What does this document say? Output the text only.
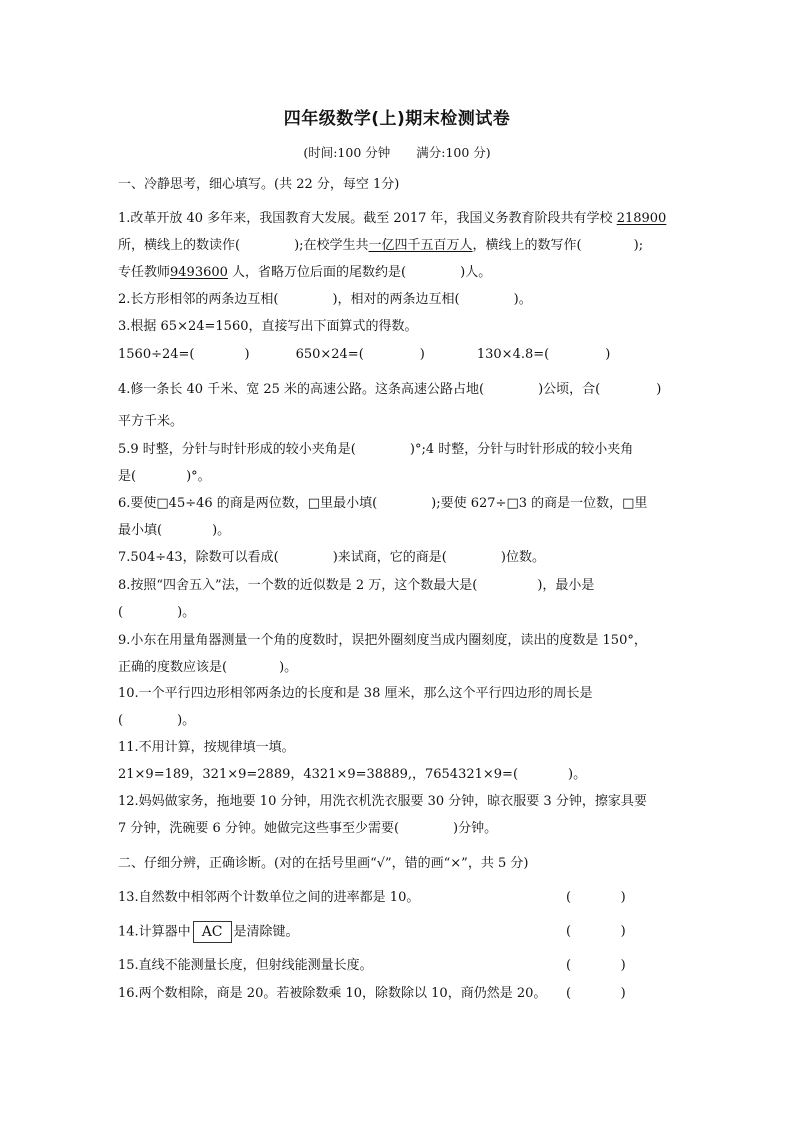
四年级数学(上)期末检测试卷
(时间:100 分钟 满分:100 分)
一、冷静思考，细心填写。(共 22 分，每空 1分)
1.改革开放 40 多年来，我国教育大发展。截至 2017 年，我国义务教育阶段共有学校 218900
所，横线上的数读作(	);在校学生共一亿四千五百万人，横线上的数写作(	);
专任教师9493600 人，省略万位后面的尾数约是(	)人。
2.长方形相邻的两条边互相(	)，相对的两条边互相(	)。
3.根据 65×24=1560，直接写出下面算式的得数。
1560÷24=(	)	650×24=(	)	130×4.8=(	)
4.修一条长 40 千米、宽 25 米的高速公路。这条高速公路占地(	)公顷，合(	)
平方千米。
5.9 时整，分针与时针形成的较小夹角是(	)°;4 时整，分针与时针形成的较小夹角
是(	)°。
6.要使□45÷46 的商是两位数，□里最小填(	);要使 627÷□3 的商是一位数，□里
最小填(	)。
7.504÷43，除数可以看成(	)来试商，它的商是(	)位数。
8.按照“四舍五入”法，一个数的近似数是 2 万，这个数最大是(	)，最小是
(	)。
9.小东在用量角器测量一个角的度数时，误把外圈刻度当成内圈刻度，读出的度数是 150°，
正确的度数应该是(	)。
10.一个平行四边形相邻两条边的长度和是 38 厘米，那么这个平行四边形的周长是
(	)。
11.不用计算，按规律填一填。
21×9=189，321×9=2889，4321×9=38889,，7654321×9=(	)。
12.妈妈做家务，拖地要 10 分钟，用洗衣机洗衣服要 30 分钟，晾衣服要 3 分钟，擦家具要
7 分钟，洗碗要 6 分钟。她做完这些事至少需要(	)分钟。
二、仔细分辨，正确诊断。(对的在括号里画“√”，错的画“×”，共 5 分)
13.自然数中相邻两个计数单位之间的进率都是 10。	(            )
14.计算器中 AC 是清除键。	(            )
15.直线不能测量长度，但射线能测量长度。	(            )
16.两个数相除，商是 20。若被除数乘 10，除数除以 10，商仍然是 20。 (            )
